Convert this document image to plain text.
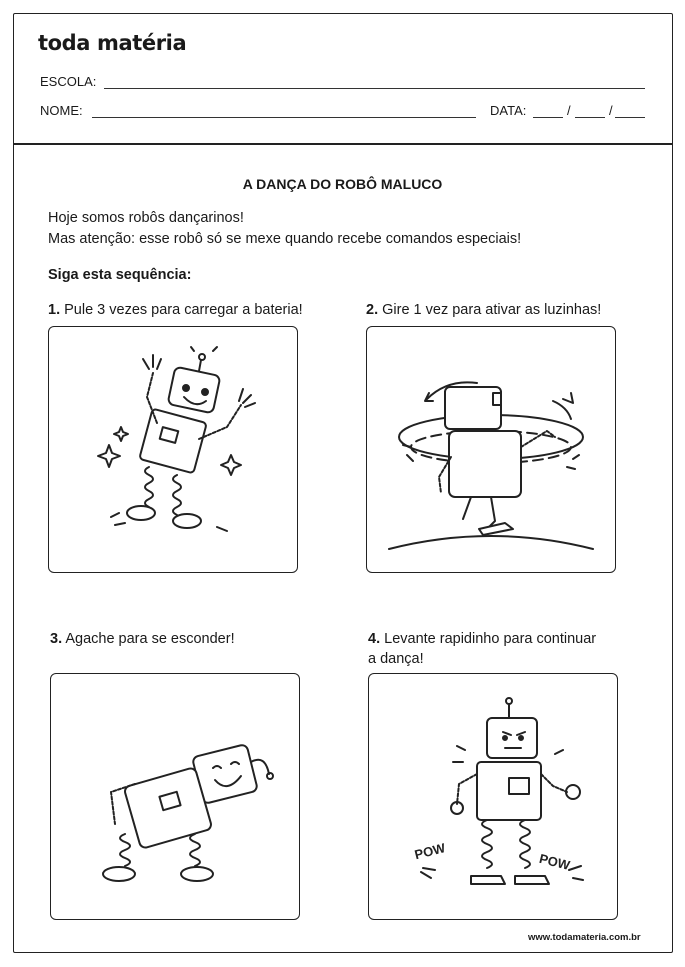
toda matéria
ESCOLA:
NOME:	DATA:	/	/
A DANÇA DO ROBÔ MALUCO
Hoje somos robôs dançarinos!
Mas atenção: esse robô só se mexe quando recebe comandos especiais!
Siga esta sequência:
1. Pule 3 vezes para carregar a bateria!	2. Gire 1 vez para ativar as luzinhas!
3. Agache para se esconder!	4. Levante rapidinho para continuar
a dança!
POW	POW
www.todamateria.com.br
